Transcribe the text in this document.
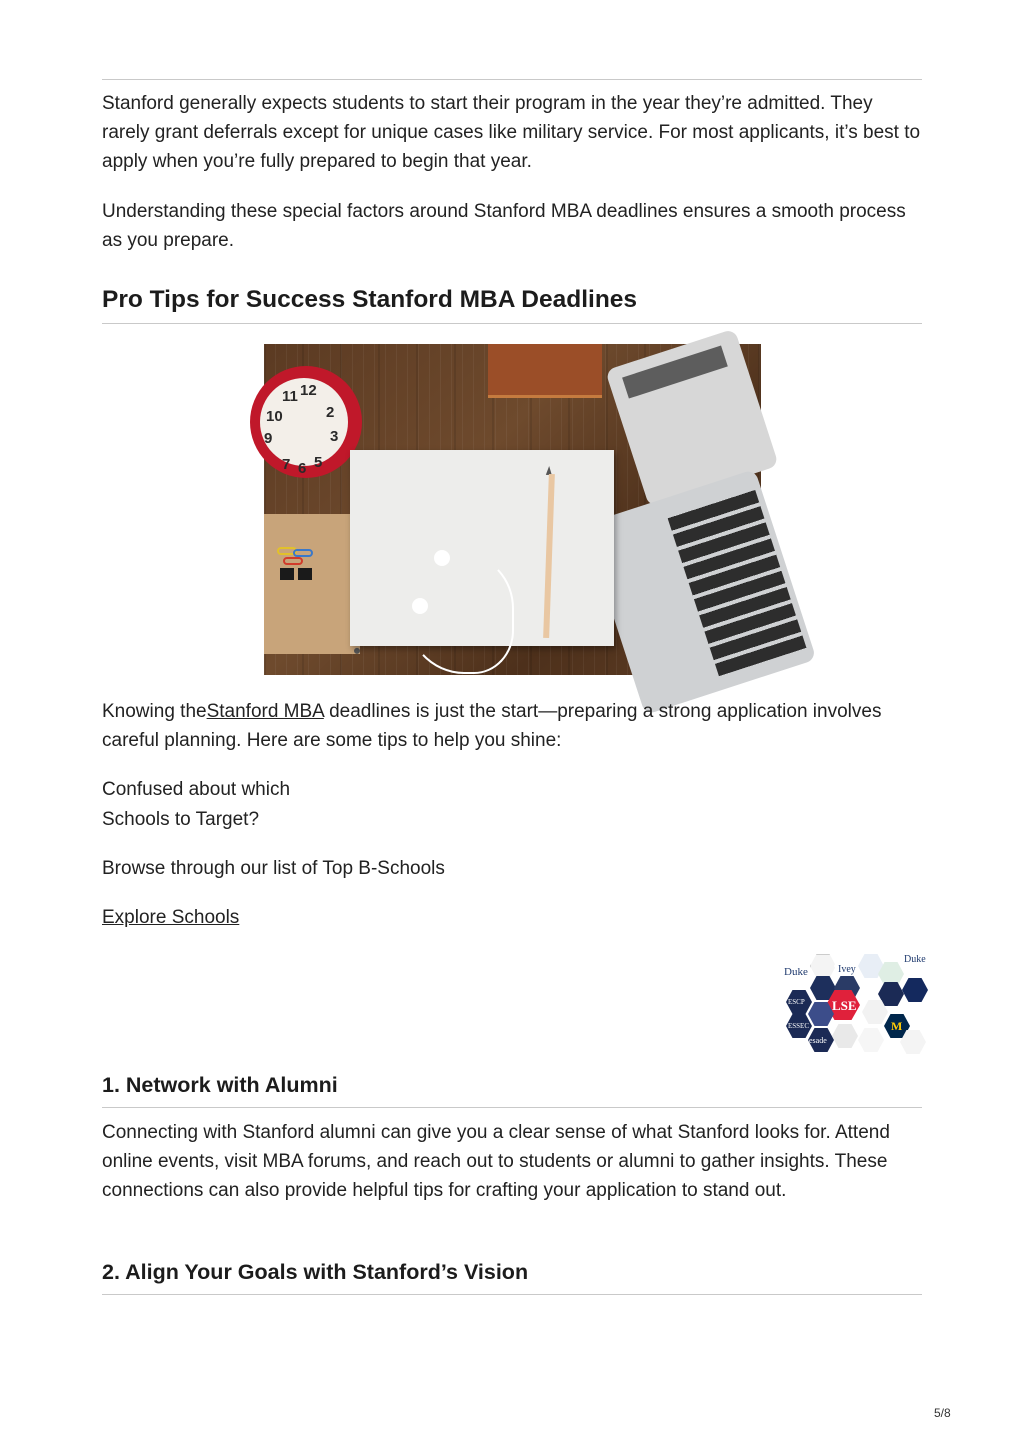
Stanford generally expects students to start their program in the year they’re admitted. They rarely grant deferrals except for unique cases like military service. For most applicants, it’s best to apply when you’re fully prepared to begin that year.

Understanding these special factors around Stanford MBA deadlines ensures a smooth process as you prepare.

Pro Tips for Success Stanford MBA Deadlines
11 12
2
3
10
9
7 6 5

Knowing theStanford MBA deadlines is just the start—preparing a strong application involves careful planning. Here are some tips to help you shine:

Confused about which

Schools to Target?

Browse through our list of Top B-Schools

Explore Schools
Duke	Ivey
Duke
ESCP LSE
ESSEC	M
esade
esade
1. Network with Alumni

Connecting with Stanford alumni can give you a clear sense of what Stanford looks for. Attend online events, visit MBA forums, and reach out to students or alumni to gather insights. These connections can also provide helpful tips for crafting your application to stand out.

2. Align Your Goals with Stanford’s Vision
5/8
